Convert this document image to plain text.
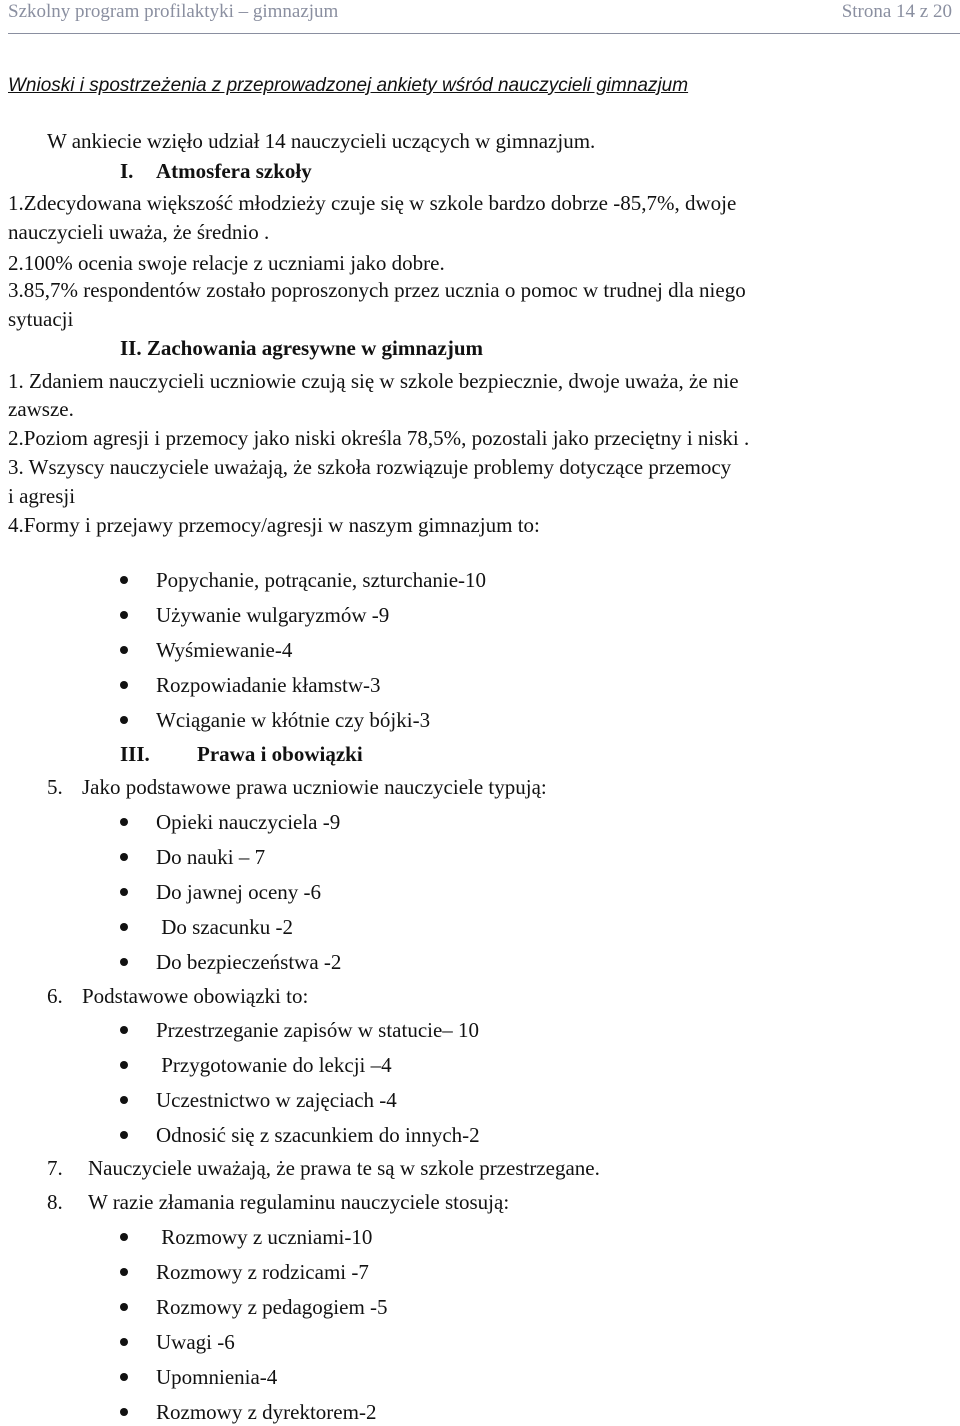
Szkolny program profilaktyki – gimnazjum	Strona 14 z 20
Wnioski i spostrzeżenia z przeprowadzonej ankiety wśród nauczycieli gimnazjum
W ankiecie wzięło udział 14 nauczycieli uczących w gimnazjum.
I. Atmosfera szkoły
1.Zdecydowana większość młodzieży czuje się w szkole bardzo dobrze -85,7%, dwoje
nauczycieli uważa, że średnio .
2.100% ocenia swoje relacje z uczniami jako dobre.
3.85,7% respondentów zostało poproszonych przez ucznia o pomoc w trudnej dla niego
sytuacji
II. Zachowania agresywne w gimnazjum
1. Zdaniem nauczycieli uczniowie czują się w szkole bezpiecznie, dwoje uważa, że nie
zawsze.
2.Poziom agresji i przemocy jako niski określa 78,5%, pozostali jako przeciętny i niski .
3. Wszyscy nauczyciele uważają, że szkoła rozwiązuje problemy dotyczące przemocy
i agresji
4.Formy i przejawy przemocy/agresji w naszym gimnazjum to:
Popychanie, potrącanie, szturchanie-10
Używanie wulgaryzmów -9
Wyśmiewanie-4
Rozpowiadanie kłamstw-3
Wciąganie w kłótnie czy bójki-3
III. Prawa i obowiązki
5. Jako podstawowe prawa uczniowie nauczyciele typują:
Opieki nauczyciela -9
Do nauki – 7
Do jawnej oceny -6
Do szacunku -2
Do bezpieczeństwa -2
6. Podstawowe obowiązki to:
Przestrzeganie zapisów w statucie– 10
Przygotowanie do lekcji –4
Uczestnictwo w zajęciach -4
Odnosić się z szacunkiem do innych-2
7. Nauczyciele uważają, że prawa te są w szkole przestrzegane.
8. W razie złamania regulaminu nauczyciele stosują:
Rozmowy z uczniami-10
Rozmowy z rodzicami -7
Rozmowy z pedagogiem -5
Uwagi -6
Upomnienia-4
Rozmowy z dyrektorem-2
